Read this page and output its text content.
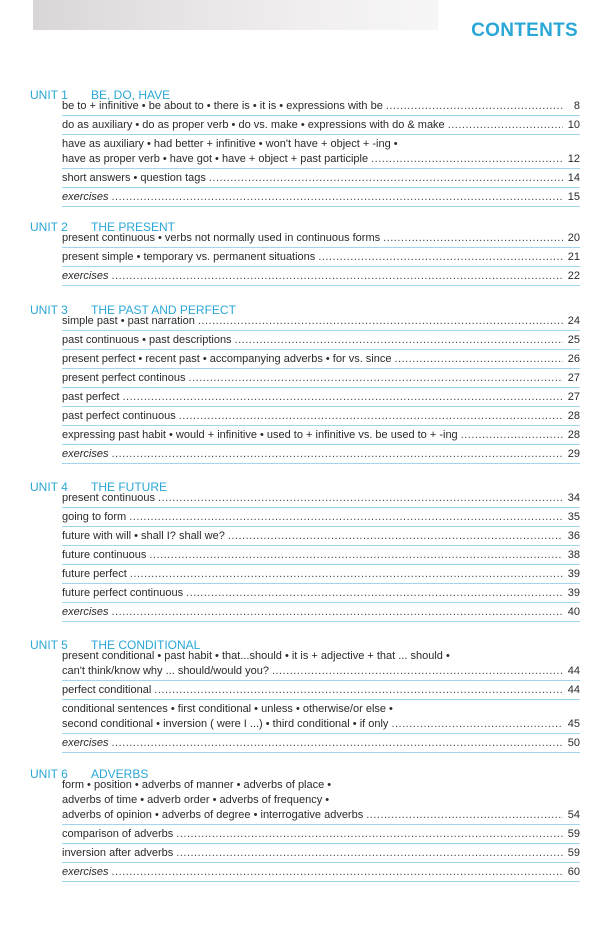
CONTENTS
UNIT 1 BE, DO, HAVE
be to + infinitive • be about to • there is • it is • expressions with be .....	8
do as auxiliary • do as proper verb • do vs. make • expressions with do & make .....	10
have as auxiliary • had better + infinitive • won't have + object + -ing •
have as proper verb • have got • have + object + past participle .....	12
short answers • question tags .....	14
exercises .....	15
UNIT 2 THE PRESENT
present continuous • verbs not normally used in continuous forms .....	20
present simple • temporary vs. permanent situations .....	21
exercises .....	22
UNIT 3 THE PAST AND PERFECT
simple past • past narration .....	24
past continuous • past descriptions .....	25
present perfect • recent past • accompanying adverbs • for vs. since .....	26
present perfect continous .....	27
past perfect .....	27
past perfect continuous .....	28
expressing past habit • would + infinitive • used to + infinitive vs. be used to + -ing .....	28
exercises .....	29
UNIT 4 THE FUTURE
present continuous .....	34
going to form .....	35
future with will • shall I? shall we? .....	36
future continuous .....	38
future perfect .....	39
future perfect continuous .....	39
exercises .....	40
UNIT 5 THE CONDITIONAL
present conditional • past habit • that...should • it is + adjective + that ... should •
can't think/know why ... should/would you? .....	44
perfect conditional .....	44
conditional sentences • first conditional • unless • otherwise/or else •
second conditional • inversion ( were I ...) • third conditional • if only .....	45
exercises .....	50
UNIT 6 ADVERBS
form • position • adverbs of manner • adverbs of place •
adverbs of time • adverb order • adverbs of frequency •
adverbs of opinion • adverbs of degree • interrogative adverbs .....	54
comparison of adverbs .....	59
inversion after adverbs .....	59
exercises .....	60
